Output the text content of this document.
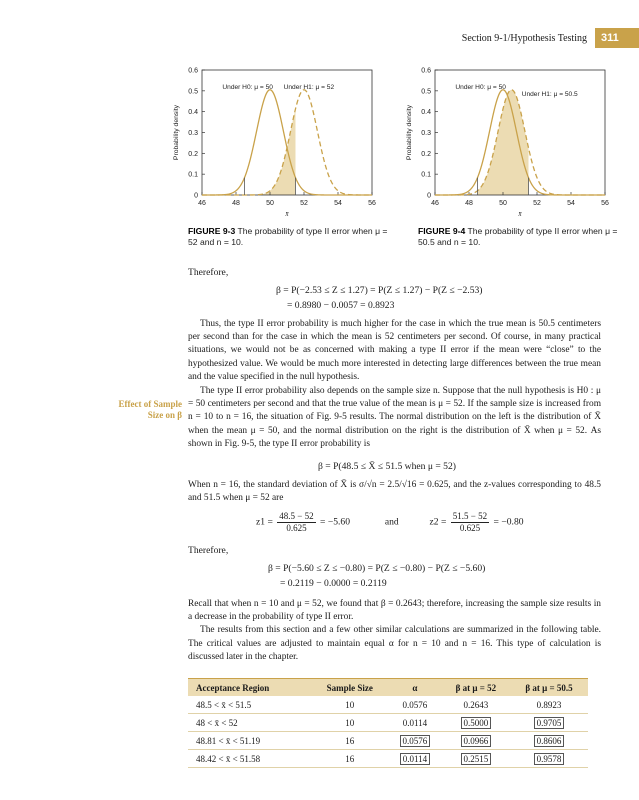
Section 9-1/Hypothesis Testing	311
0.6
0.5
0.4
0.3
0.2
0.1
0
46	48	50	52	54	56
Under H0: μ = 50 Under H1: μ = 52
x̄
Probability density
FIGURE 9-3 The probability of type II error when μ = 52 and n = 10.
0.6
0.5
0.4
0.3
0.2
0.1
0
46	48	50	52	54	56
Under H0: μ = 50
Under H1: μ = 50.5
x̄
Probability density
FIGURE 9-4 The probability of type II error when μ = 50.5 and n = 10.
Therefore,
β = P(−2.53 ≤ Z ≤ 1.27) = P(Z ≤ 1.27) − P(Z ≤ −2.53)
= 0.8980 − 0.0057 = 0.8923

Thus, the type II error probability is much higher for the case in which the true mean is 50.5 centimeters per second than for the case in which the mean is 52 centimeters per second. Of course, in many practical situations, we would not be as concerned with making a type II error if the mean were “close” to the hypothesized value. We would be much more interested in detecting large differences between the true mean and the value specified in the null hypothesis.

Effect of Sample Size on β

The type II error probability also depends on the sample size n. Suppose that the null hypothesis is H0 : μ = 50 centimeters per second and that the true value of the mean is μ = 52. If the sample size is increased from n = 10 to n = 16, the situation of Fig. 9-5 results. The normal distribution on the left is the distribution of X̄ when the mean μ = 50, and the normal distribution on the right is the distribution of X̄ when μ = 52. As shown in Fig. 9-5, the type II error probability is

β = P(48.5 ≤ X̄ ≤ 51.5 when μ = 52)

When n = 16, the standard deviation of X̄ is σ/√n = 2.5/√16 = 0.625, and the z-values corresponding to 48.5 and 51.5 when μ = 52 are

$z1 = \frac{48.5 - 52}{0.625} = -5.60$	and	$z2 = \frac{51.5 - 52}{0.625} = -0.80$
Therefore,
β = P(−5.60 ≤ Z ≤ −0.80) = P(Z ≤ −0.80) − P(Z ≤ −5.60)
= 0.2119 − 0.0000 = 0.2119

Recall that when n = 10 and μ = 52, we found that β = 0.2643; therefore, increasing the sample size results in a decrease in the probability of type II error.

The results from this section and a few other similar calculations are summarized in the following table. The critical values are adjusted to maintain equal α for n = 10 and n = 16. This type of calculation is discussed later in the chapter.

Acceptance Region	Sample Size	α	β at μ = 52	β at μ = 50.5
48.5 < x̄ < 51.5	10	0.0576	0.2643	0.8923
48 < x̄ < 52	10	0.0114	0.5000	0.9705
48.81 < x̄ < 51.19	16	0.0576	0.0966	0.8606
48.42 < x̄ < 51.58	16	0.0114	0.2515	0.9578
